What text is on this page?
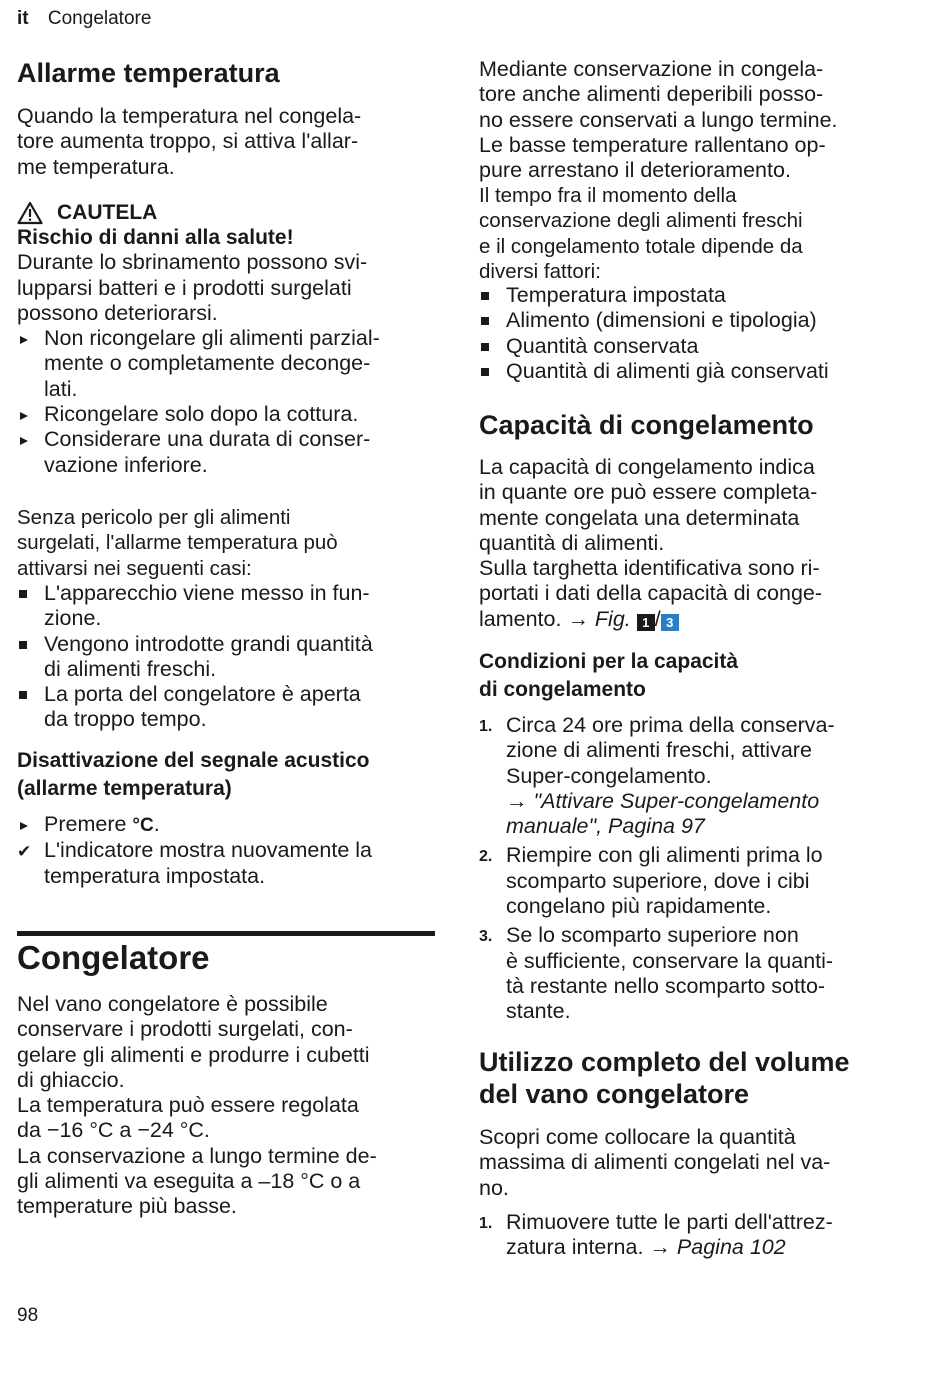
it Congelatore
Allarme temperatura

Quando la temperatura nel congela-
tore aumenta troppo, si attiva l'allar-
me temperatura.

CAUTELA
Rischio di danni alla salute!

Durante lo sbrinamento possono svi-
lupparsi batteri e i prodotti surgelati
possono deteriorarsi.

Non ricongelare gli alimenti parzial-
mente o completamente deconge-
lati.
Ricongelare solo dopo la cottura.
Considerare una durata di conser-
vazione inferiore.

Senza pericolo per gli alimenti
surgelati, l'allarme temperatura può
attivarsi nei seguenti casi:

L'apparecchio viene messo in fun-
zione.
Vengono introdotte grandi quantità
di alimenti freschi.
La porta del congelatore è aperta
da troppo tempo.
Disattivazione del segnale acustico
(allarme temperatura)
Premere °C.
✔ L'indicatore mostra nuovamente la
temperatura impostata.
Congelatore

Nel vano congelatore è possibile
conservare i prodotti surgelati, con-
gelare gli alimenti e produrre i cubetti
di ghiaccio.
La temperatura può essere regolata
da −16 °C a −24 °C.
La conservazione a lungo termine de-
gli alimenti va eseguita a –18 °C o a
temperature più basse.

Mediante conservazione in congela-
tore anche alimenti deperibili posso-
no essere conservati a lungo termine.
Le basse temperature rallentano op-
pure arrestano il deterioramento.

Il tempo fra il momento della
conservazione degli alimenti freschi
e il congelamento totale dipende da
diversi fattori:

Temperatura impostata
Alimento (dimensioni e tipologia)
Quantità conservata
Quantità di alimenti già conservati
Capacità di congelamento

La capacità di congelamento indica
in quante ore può essere completa-
mente congelata una determinata
quantità di alimenti.
Sulla targhetta identificativa sono ri-
portati i dati della capacità di conge-
lamento. → Fig. 1 / 3

Condizioni per la capacità
di congelamento
1. Circa 24 ore prima della conserva-
zione di alimenti freschi, attivare
Super-congelamento.
→ "Attivare Super-congelamento
manuale", Pagina 97
2. Riempire con gli alimenti prima lo
scomparto superiore, dove i cibi
congelano più rapidamente.
3. Se lo scomparto superiore non
è sufficiente, conservare la quanti-
tà restante nello scomparto sotto-
stante.
Utilizzo completo del volume
del vano congelatore

Scopri come collocare la quantità
massima di alimenti congelati nel va-
no.

1. Rimuovere tutte le parti dell'attrez-
zatura interna. → Pagina 102
98
